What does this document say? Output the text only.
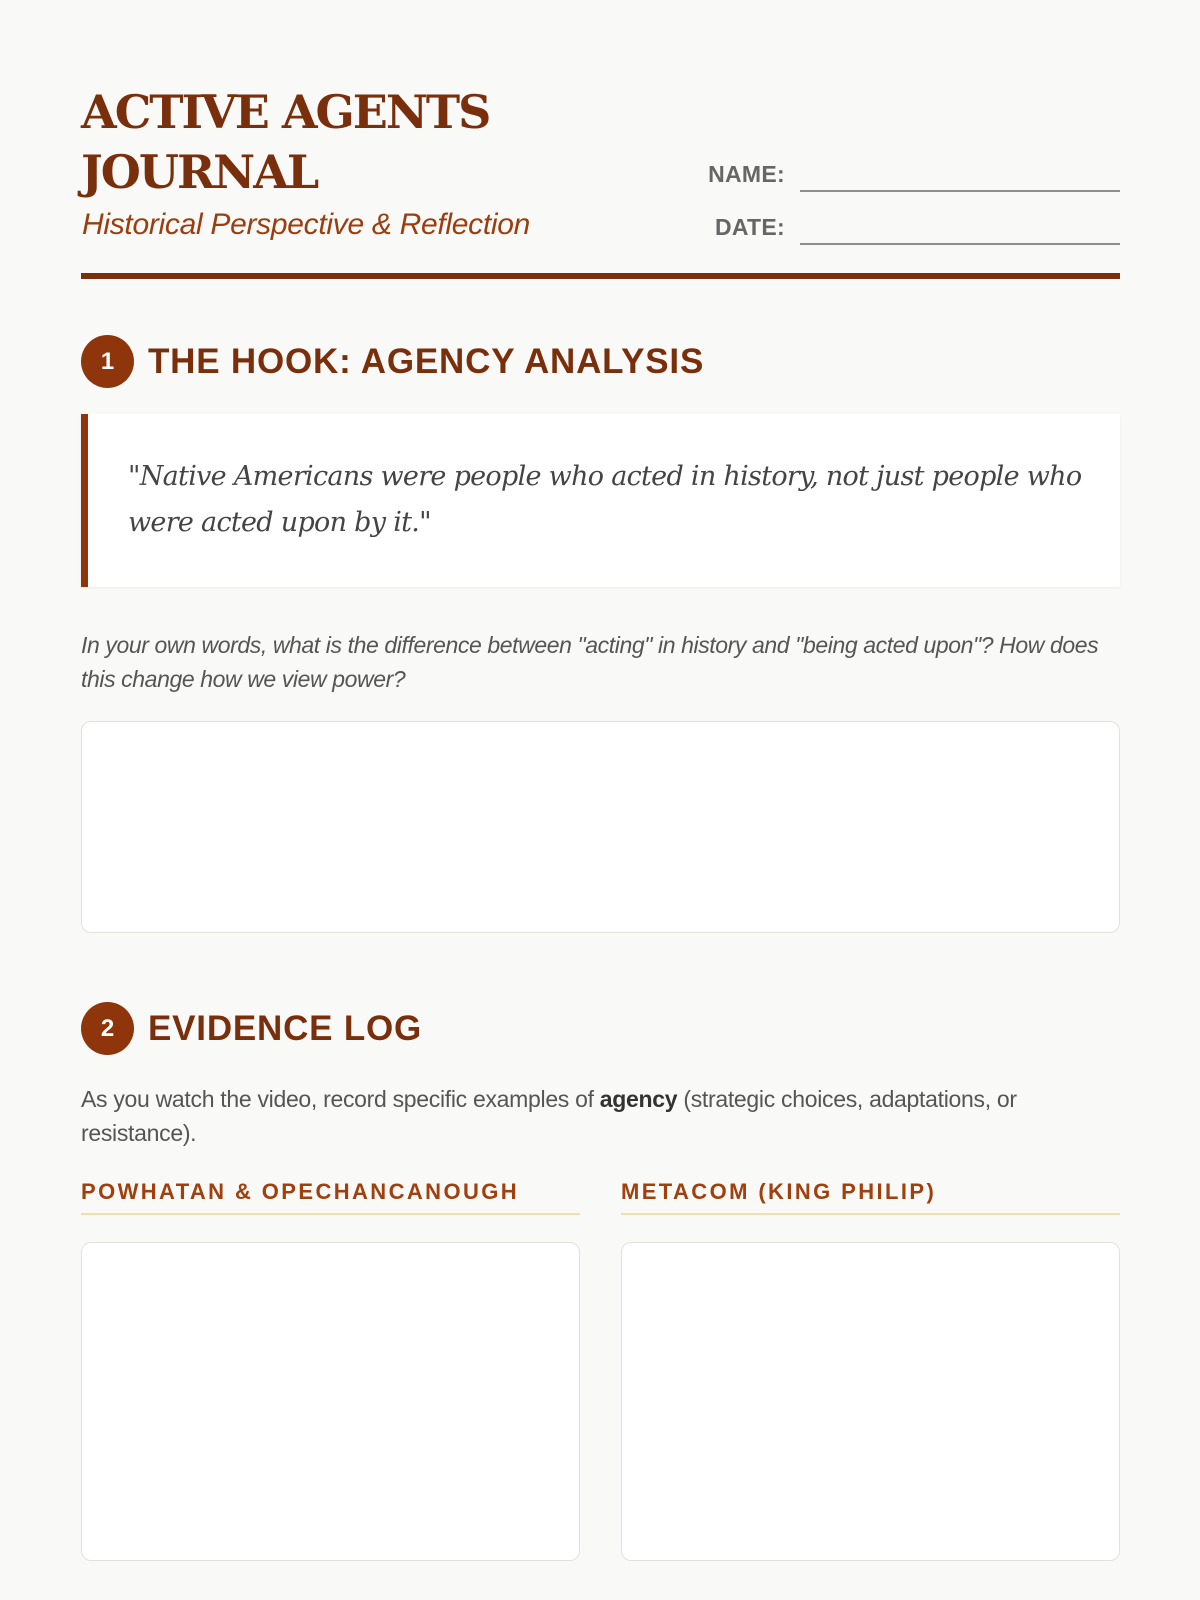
ACTIVE AGENTS JOURNAL
Historical Perspective & Reflection
NAME:
DATE:
1 THE HOOK: AGENCY ANALYSIS

"Native Americans were people who acted in history, not just people who were acted upon by it."

In your own words, what is the difference between "acting" in history and "being acted upon"? How does this change how we view power?

2 EVIDENCE LOG

As you watch the video, record specific examples of agency (strategic choices, adaptations, or resistance).

POWHATAN & OPECHANCANOUGH	METACOM (KING PHILIP)
